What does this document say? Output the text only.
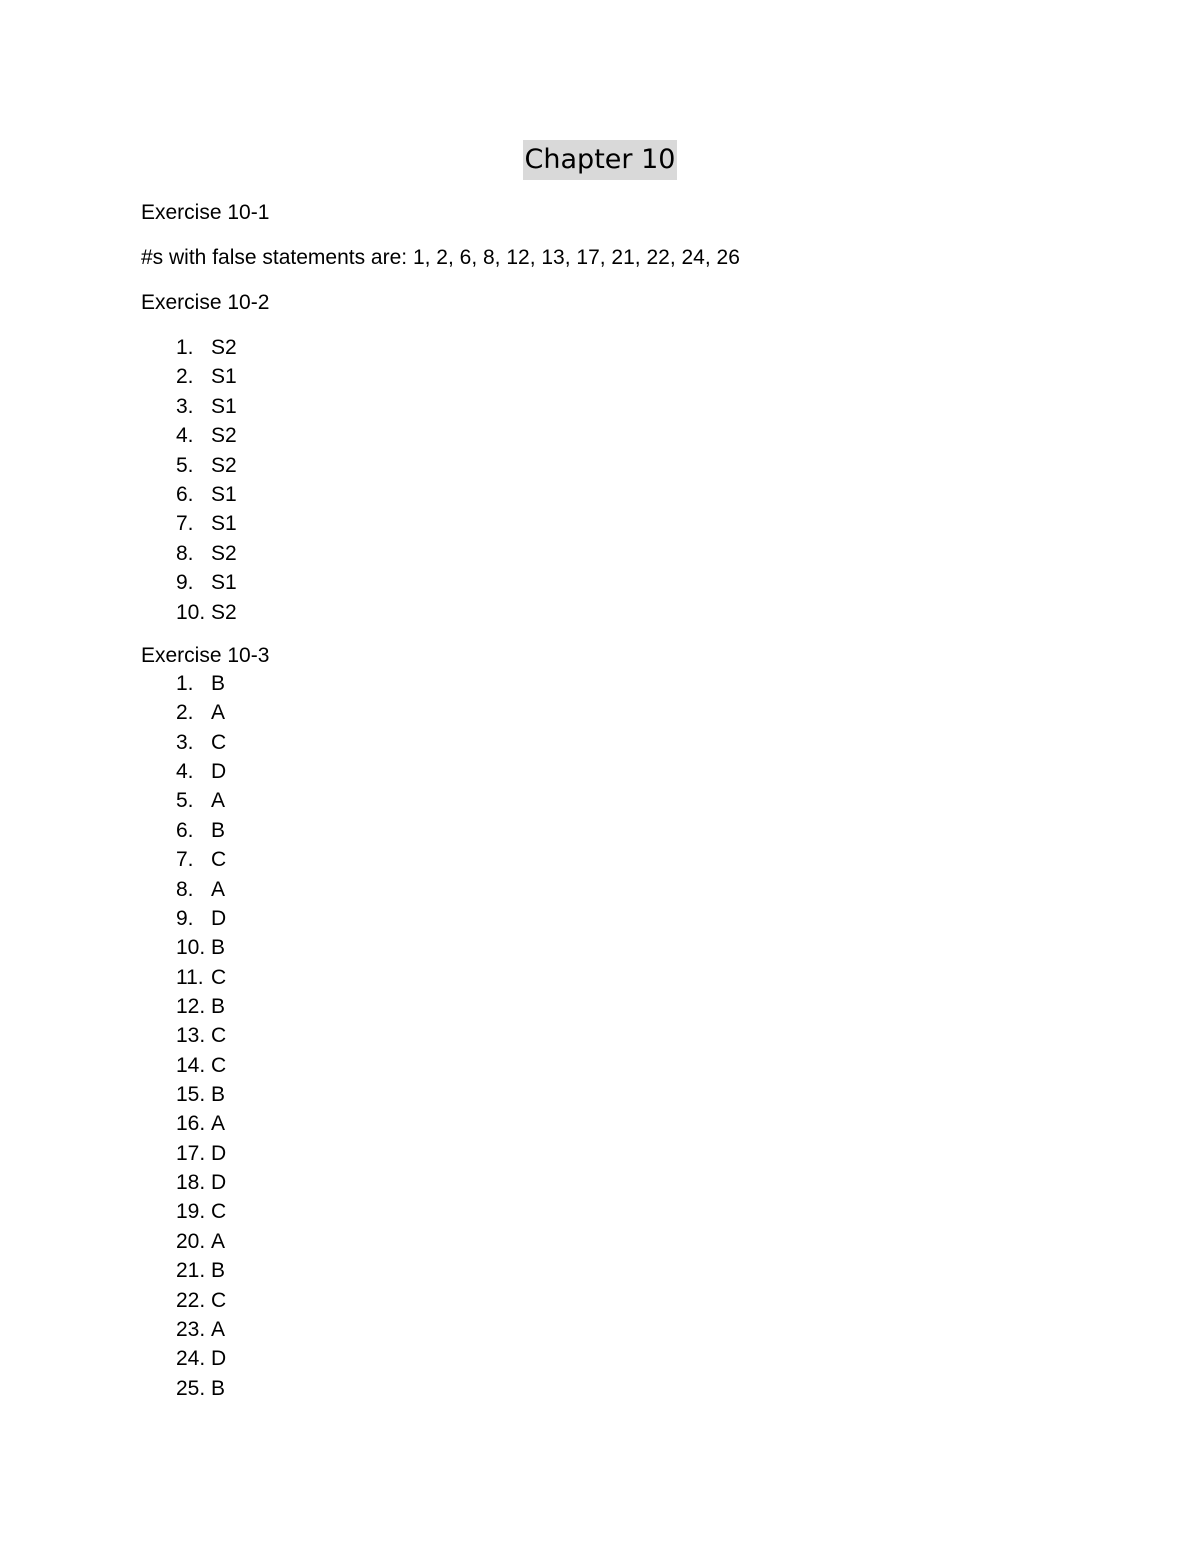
Chapter 10
Exercise 10-1
#s with false statements are: 1, 2, 6, 8, 12, 13, 17, 21, 22, 24, 26
Exercise 10-2
1. S2
2. S1
3. S1
4. S2
5. S2
6. S1
7. S1
8. S2
9. S1
10. S2
Exercise 10-3
1. B
2. A
3. C
4. D
5. A
6. B
7. C
8. A
9. D
10. B
11. C
12. B
13. C
14. C
15. B
16. A
17. D
18. D
19. C
20. A
21. B
22. C
23. A
24. D
25. B
